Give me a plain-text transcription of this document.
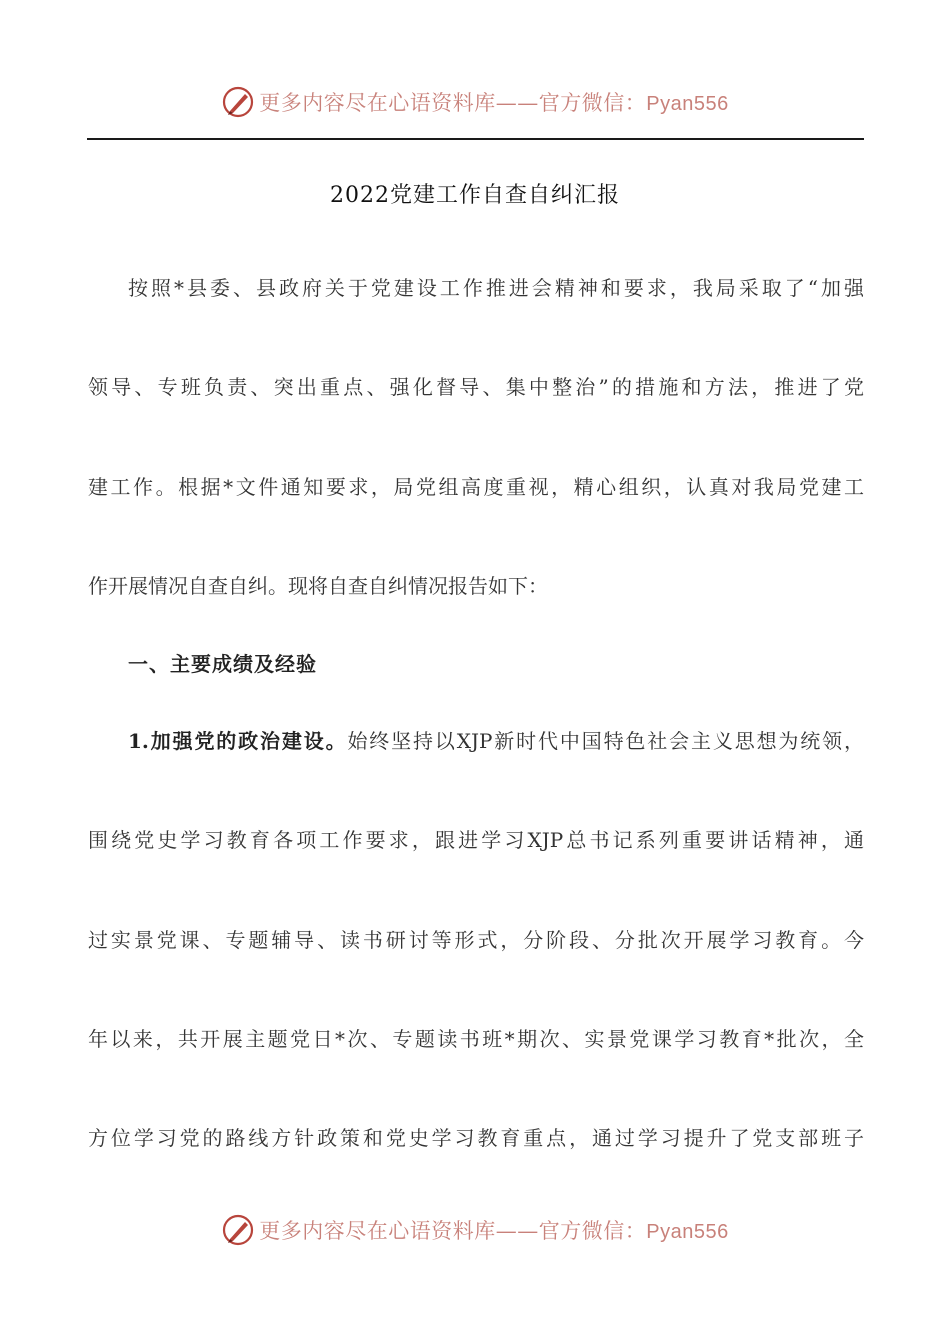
更多内容尽在心语资料库——官方微信：Pyan556
2022党建工作自查自纠汇报
按照*县委、县政府关于党建设工作推进会精神和要求，我局采取了“加强
领导、专班负责、突出重点、强化督导、集中整治”的措施和方法，推进了党
建工作。根据*文件通知要求，局党组高度重视，精心组织，认真对我局党建工
作开展情况自查自纠。现将自查自纠情况报告如下：
一、主要成绩及经验
1.加强党的政治建设。始终坚持以XJP新时代中国特色社会主义思想为统领，
围绕党史学习教育各项工作要求，跟进学习XJP总书记系列重要讲话精神，通
过实景党课、专题辅导、读书研讨等形式，分阶段、分批次开展学习教育。今
年以来，共开展主题党日*次、专题读书班*期次、实景党课学习教育*批次，全
方位学习党的路线方针政策和党史学习教育重点，通过学习提升了党支部班子
更多内容尽在心语资料库——官方微信：Pyan556
